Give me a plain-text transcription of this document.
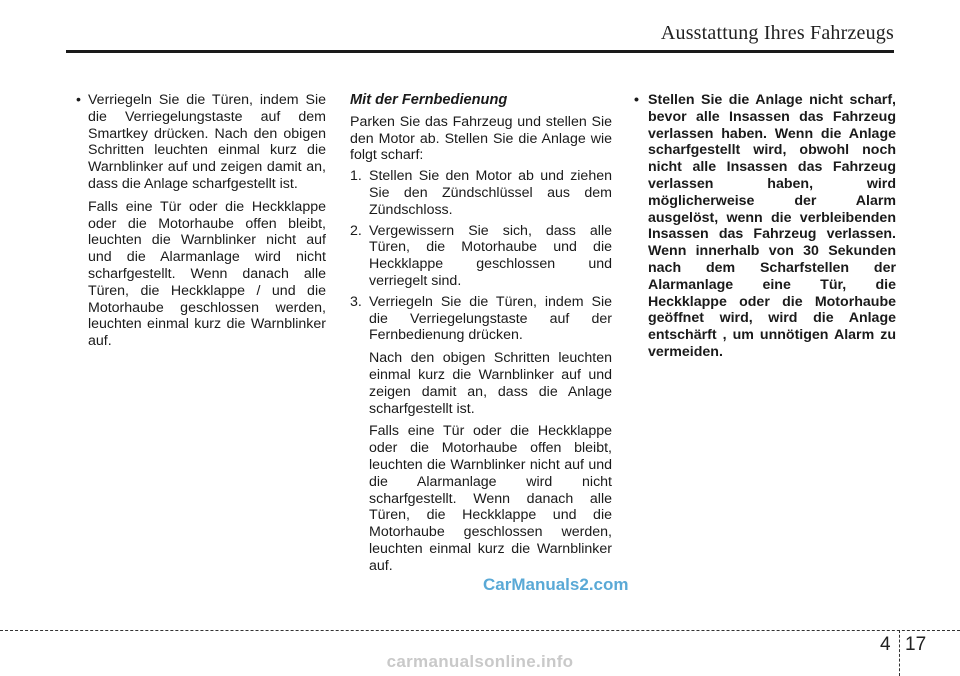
Ausstattung Ihres Fahrzeugs

• Verriegeln Sie die Türen, indem Sie die Verriegelungstaste auf dem Smartkey drücken. Nach den obigen Schritten leuchten einmal kurz die Warnblinker auf und zeigen damit an, dass die Anlage scharfgestellt ist.

Falls eine Tür oder die Heckklappe oder die Motorhaube offen bleibt, leuchten die Warnblinker nicht auf und die Alarmanlage wird nicht scharfgestellt. Wenn danach alle Türen, die Heckklappe / und die Motorhaube geschlossen werden, leuchten einmal kurz die Warnblinker auf.

Mit der Fernbedienung

Parken Sie das Fahrzeug und stellen Sie den Motor ab. Stellen Sie die Anlage wie folgt scharf:

1. Stellen Sie den Motor ab und ziehen Sie den Zündschlüssel aus dem Zündschloss.

2. Vergewissern Sie sich, dass alle Türen, die Motorhaube und die Heckklappe geschlossen und verriegelt sind.

3. Verriegeln Sie die Türen, indem Sie die Verriegelungstaste auf der Fernbedienung drücken.

Nach den obigen Schritten leuchten einmal kurz die Warnblinker auf und zeigen damit an, dass die Anlage scharfgestellt ist.

Falls eine Tür oder die Heckklappe oder die Motorhaube offen bleibt, leuchten die Warnblinker nicht auf und die Alarmanlage wird nicht scharfgestellt. Wenn danach alle Türen, die Heckklappe und die Motorhaube geschlossen werden, leuchten einmal kurz die Warnblinker auf.

• Stellen Sie die Anlage nicht scharf, bevor alle Insassen das Fahrzeug verlassen haben. Wenn die Anlage scharfgestellt wird, obwohl noch nicht alle Insassen das Fahrzeug verlassen haben, wird möglicherweise der Alarm ausgelöst, wenn die verbleibenden Insassen das Fahrzeug verlassen. Wenn innerhalb von 30 Sekunden nach dem Scharfstellen der Alarmanlage eine Tür, die Heckklappe oder die Motorhaube geöffnet wird, wird die Anlage entschärft , um unnötigen Alarm zu vermeiden.

CarManuals2.com
4 17
carmanualsonline.info
